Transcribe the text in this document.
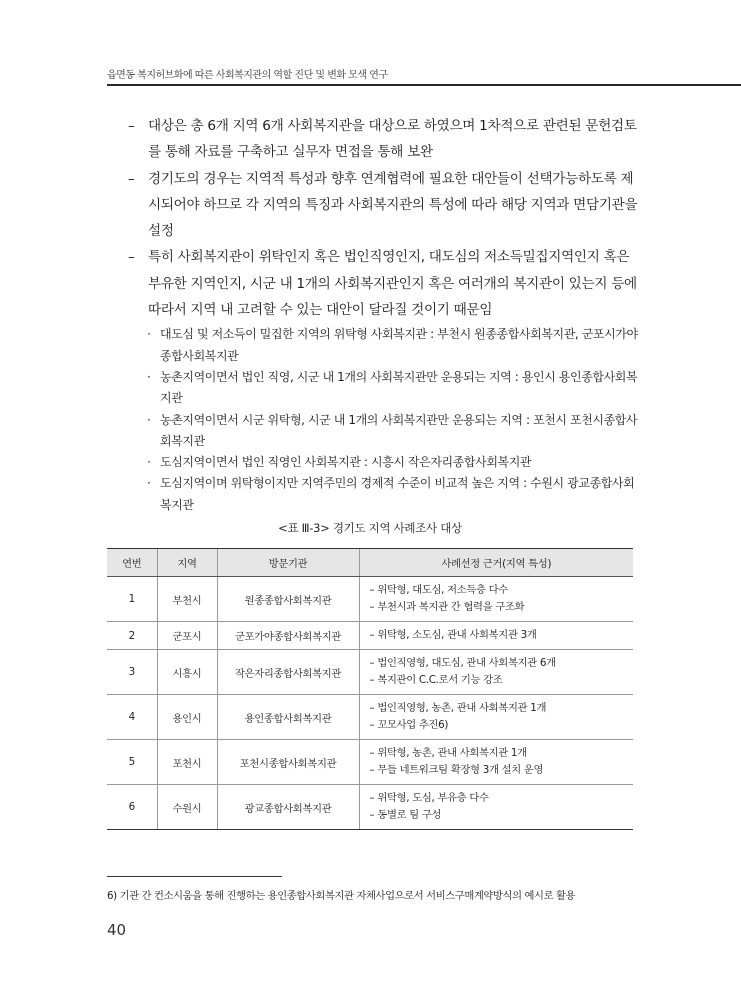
읍면동 복지허브화에 따른 사회복지관의 역할 진단 및 변화 모색 연구
– 대상은 총 6개 지역 6개 사회복지관을 대상으로 하였으며 1차적으로 관련된 문헌검토를 통해 자료를 구축하고 실무자 면접을 통해 보완
– 경기도의 경우는 지역적 특성과 향후 연계협력에 필요한 대안들이 선택가능하도록 제시되어야 하므로 각 지역의 특징과 사회복지관의 특성에 따라 해당 지역과 면담기관을 설정
– 특히 사회복지관이 위탁인지 혹은 법인직영인지, 대도심의 저소득밀집지역인지 혹은 부유한 지역인지, 시군 내 1개의 사회복지관인지 혹은 여러개의 복지관이 있는지 등에 따라서 지역 내 고려할 수 있는 대안이 달라질 것이기 때문임
· 대도심 및 저소득이 밀집한 지역의 위탁형 사회복지관 : 부천시 원종종합사회복지관, 군포시가야종합사회복지관
· 농촌지역이면서 법인 직영, 시군 내 1개의 사회복지관만 운용되는 지역 : 용인시 용인종합사회복지관
· 농촌지역이면서 시군 위탁형, 시군 내 1개의 사회복지관만 운용되는 지역 : 포천시 포천시종합사회복지관
· 도심지역이면서 법인 직영인 사회복지관 : 시흥시 작은자리종합사회복지관
· 도심지역이며 위탁형이지만 지역주민의 경제적 수준이 비교적 높은 지역 : 수원시 광교종합사회복지관
<표 Ⅲ-3> 경기도 지역 사례조사 대상
연번	지역	방문기관	사례선정 근거(지역 특성)
1	부천시	원종종합사회복지관	– 위탁형, 대도심, 저소득층 다수
– 부천시과 복지관 간 협력을 구조화

2	군포시	군포가야종합사회복지관	– 위탁형, 소도심, 관내 사회복지관 3개

3	시흥시	작은자리종합사회복지관	– 법인직영형, 대도심, 관내 사회복지관 6개
– 복지관이 C.C.로서 기능 강조

4	용인시	용인종합사회복지관	– 법인직영형, 농촌, 관내 사회복지관 1개
– 꼬모사업 추진6)

5	포천시	포천시종합사회복지관	– 위탁형, 농촌, 관내 사회복지관 1개
– 무들 네트워크팀 확장형 3개 설치 운영

6	수원시	광교종합사회복지관	– 위탁형, 도심, 부유층 다수
– 동별로 팀 구성
6) 기관 간 컨소시움을 통해 진행하는 용인종합사회복지관 자체사업으로서 서비스구매계약방식의 예시로 활용
40
